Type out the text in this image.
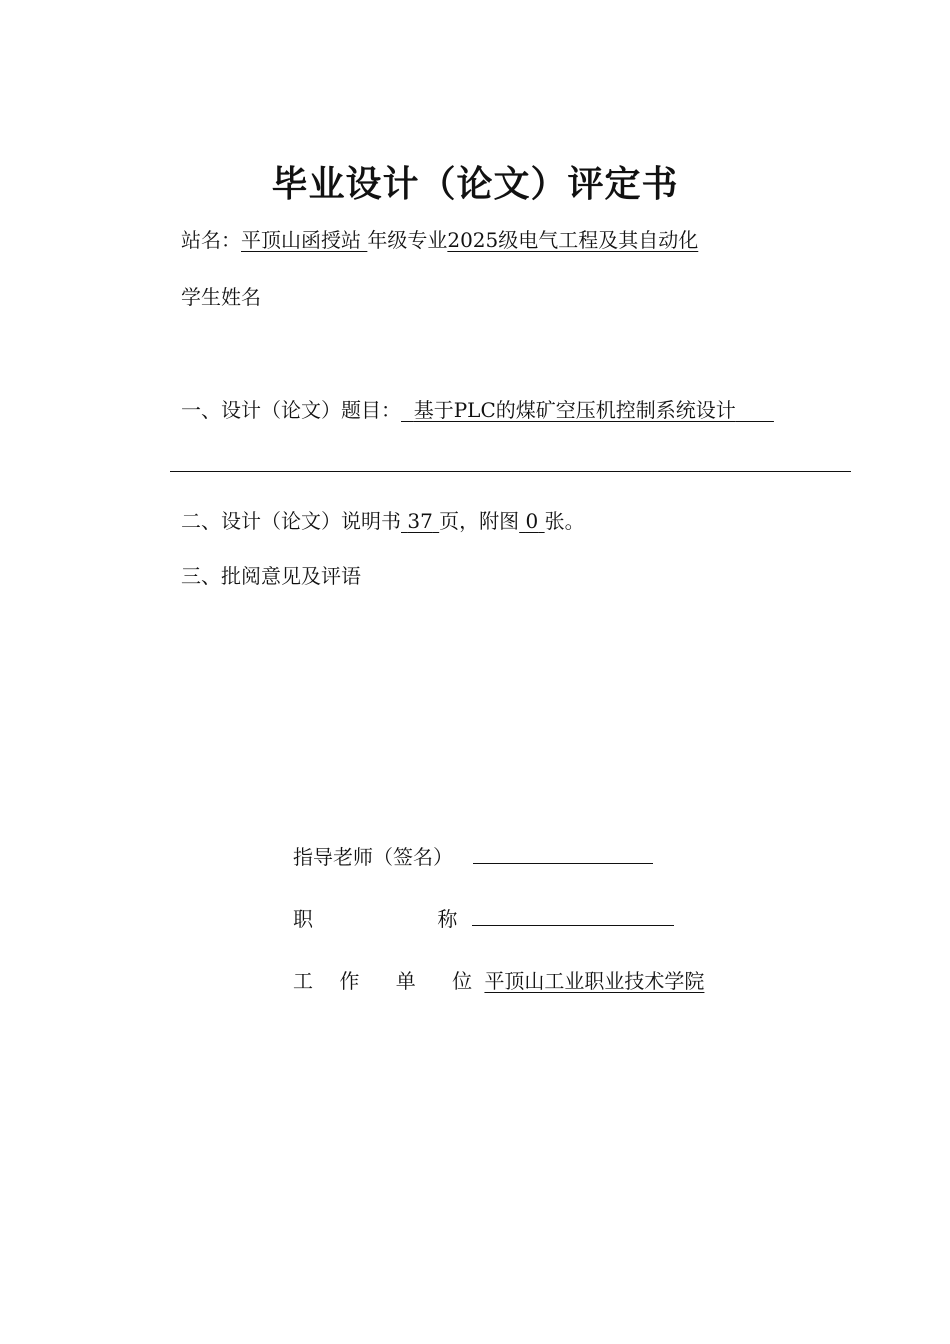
毕业设计（论文）评定书
站名：平顶山函授站 年级专业2025级电气工程及其自动化
学生姓名
一、设计（论文）题目： 基于PLC的煤矿空压机控制系统设计
二、设计（论文）说明书 37 页，附图 0 张。
三、批阅意见及评语
指导老师（签名）
职	称
工 作 单 位 平顶山工业职业技术学院
